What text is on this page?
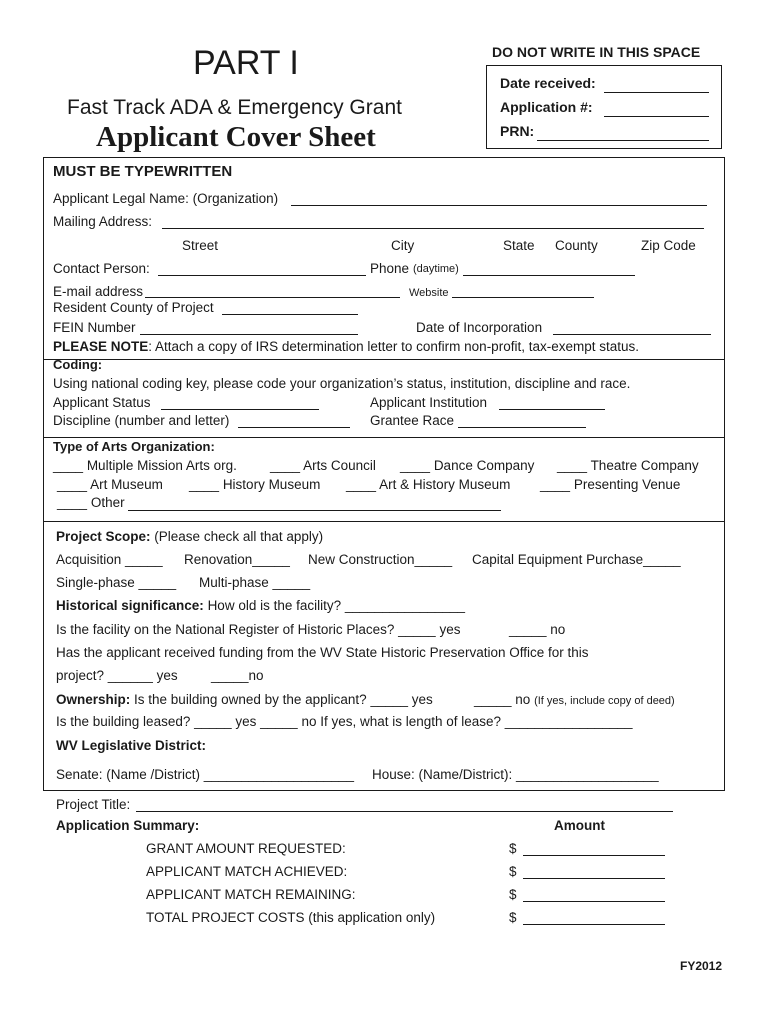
PART I
Fast Track ADA & Emergency Grant
Applicant Cover Sheet
DO NOT WRITE IN THIS SPACE
Date received:
Application #:
PRN:
MUST BE TYPEWRITTEN
Applicant Legal Name: (Organization)
Mailing Address:
Street	City	State County	Zip Code
Contact Person:	Phone (daytime)
E-mail address	Website
Resident County of Project
FEIN Number	Date of Incorporation
PLEASE NOTE: Attach a copy of IRS determination letter to confirm non-profit, tax-exempt status.
Coding:
Using national coding key, please code your organization’s status, institution, discipline and race.
Applicant Status	Applicant Institution
Discipline (number and letter)	Grantee Race
Type of Arts Organization:
____ Multiple Mission Arts org. ____ Arts Council ____ Dance Company ____ Theatre Company
____ Art Museum ____ History Museum ____ Art & History Museum ____ Presenting Venue
____ Other
Project Scope: (Please check all that apply)
Acquisition _____ Renovation_____ New Construction_____ Capital Equipment Purchase_____
Single-phase _____ Multi-phase _____
Historical significance: How old is the facility? ________________
Is the facility on the National Register of Historic Places? _____ yes	_____ no
Has the applicant received funding from the WV State Historic Preservation Office for this
project? ______ yes _____no
Ownership: Is the building owned by the applicant? _____ yes	_____ no (If yes, include copy of deed)
Is the building leased? _____ yes _____ no If yes, what is length of lease? _________________
WV Legislative District:
Senate: (Name /District) ____________________ House: (Name/District): ___________________
Project Title:
Application Summary:	Amount
GRANT AMOUNT REQUESTED:	$
APPLICANT MATCH ACHIEVED:	$
APPLICANT MATCH REMAINING:	$
TOTAL PROJECT COSTS (this application only)	$
FY2012
